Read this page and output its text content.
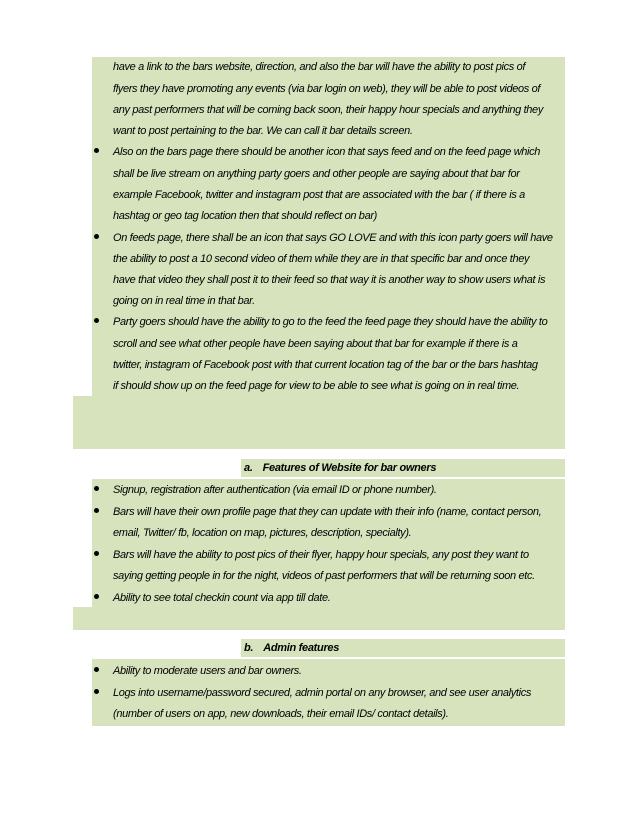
have a link to the bars website, direction, and also the bar will have the ability to post pics of
flyers they have promoting any events (via bar login on web), they will be able to post videos of
any past performers that will be coming back soon, their happy hour specials and anything they
want to post pertaining to the bar. We can call it bar details screen.
Also on the bars page there should be another icon that says feed and on the feed page which
shall be live stream on anything party goers and other people are saying about that bar for
example Facebook, twitter and instagram post that are associated with the bar ( if there is a
hashtag or geo tag location then that should reflect on bar)
On feeds page, there shall be an icon that says GO LOVE and with this icon party goers will have
the ability to post a 10 second video of them while they are in that specific bar and once they
have that video they shall post it to their feed so that way it is another way to show users what is
going on in real time in that bar.
Party goers should have the ability to go to the feed the feed page they should have the ability to
scroll and see what other people have been saying about that bar for example if there is a
twitter, instagram of Facebook post with that current location tag of the bar or the bars hashtag
if should show up on the feed page for view to be able to see what is going on in real time.
a. Features of Website for bar owners
Signup, registration after authentication (via email ID or phone number).
Bars will have their own profile page that they can update with their info (name, contact person,
email, Twitter/ fb, location on map, pictures, description, specialty).
Bars will have the ability to post pics of their flyer, happy hour specials, any post they want to
saying getting people in for the night, videos of past performers that will be returning soon etc.
Ability to see total checkin count via app till date.
b. Admin features
Ability to moderate users and bar owners.
Logs into username/password secured, admin portal on any browser, and see user analytics
(number of users on app, new downloads, their email IDs/ contact details).
